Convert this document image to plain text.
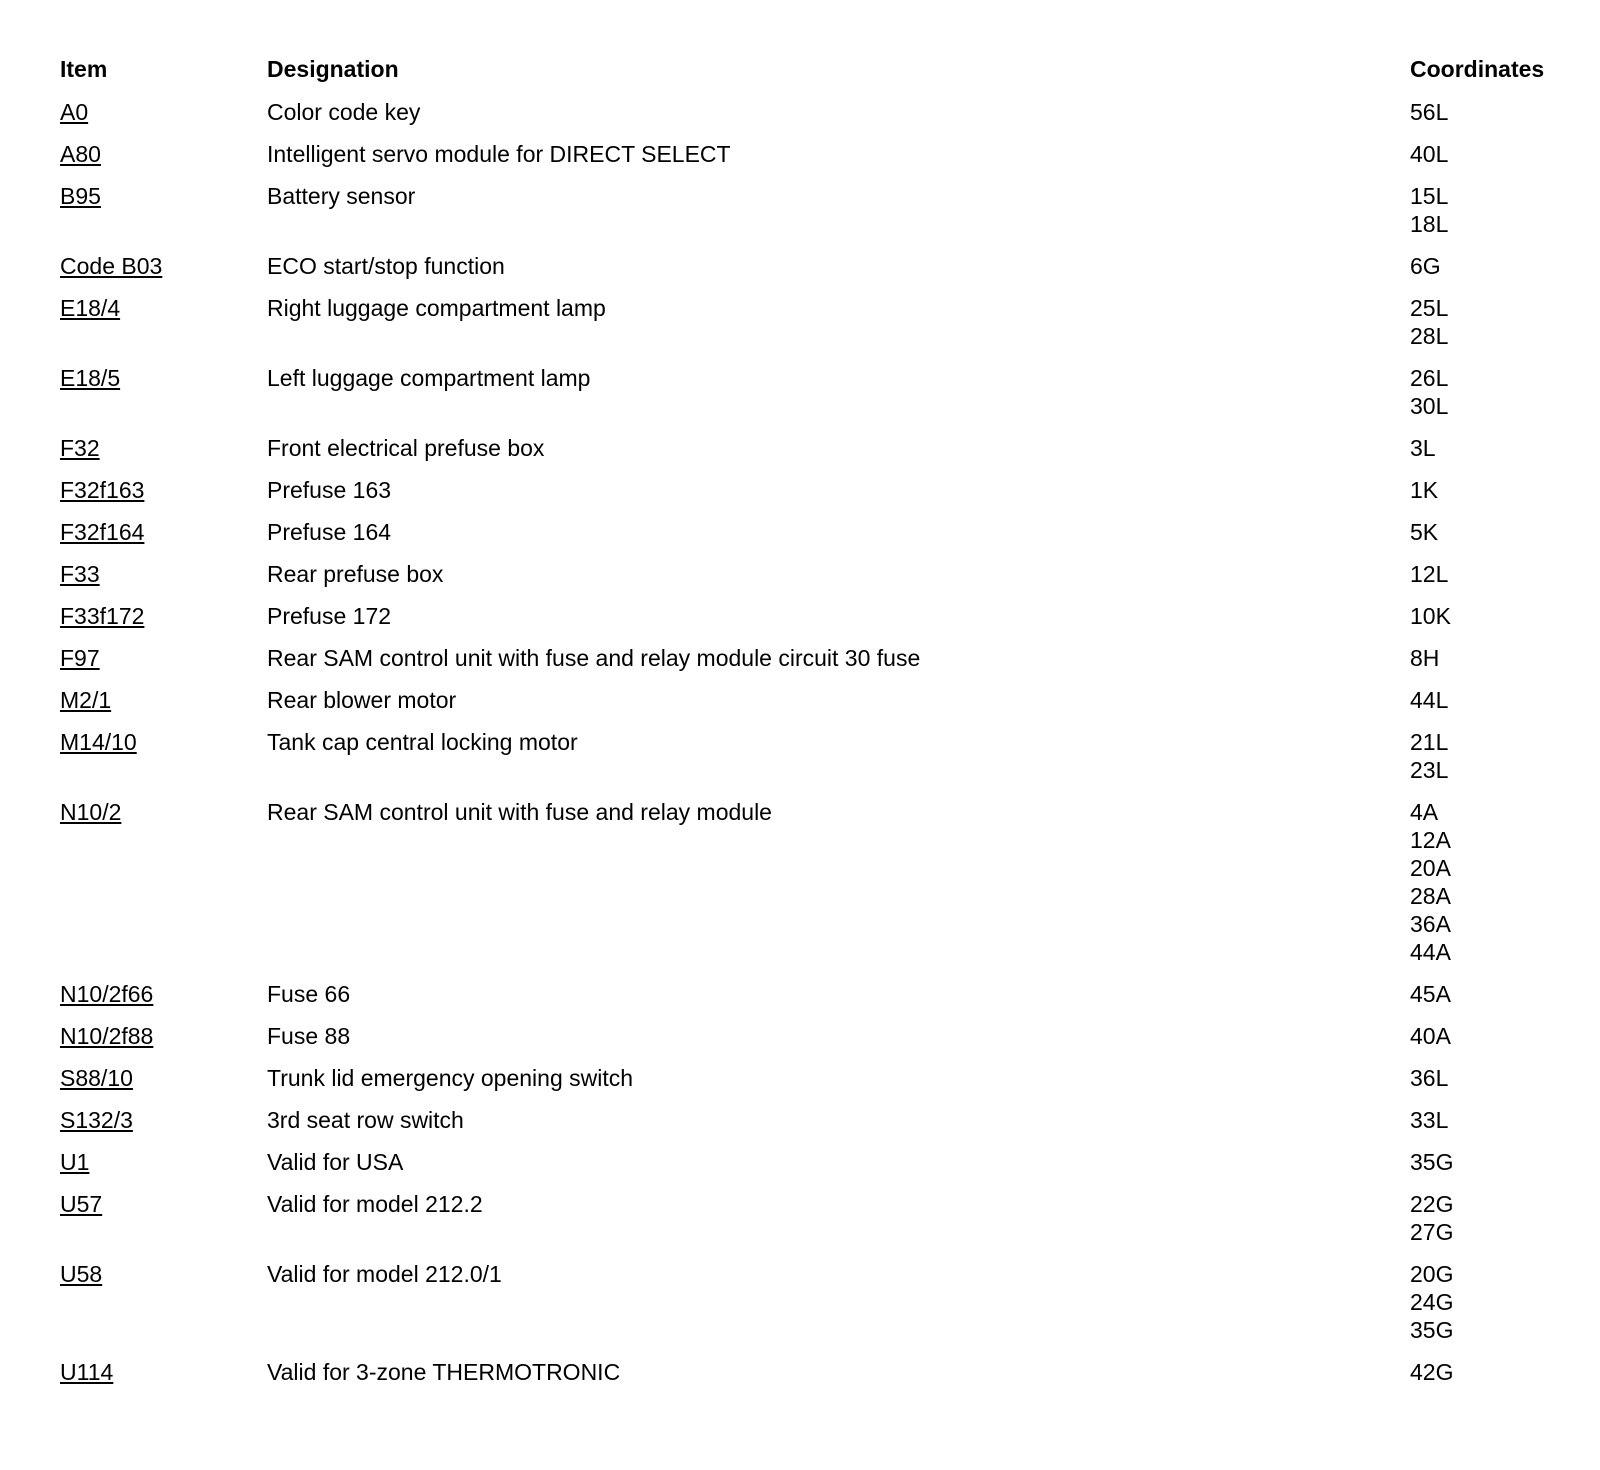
Item	Designation	Coordinates
A0	Color code key	56L
A80	Intelligent servo module for DIRECT SELECT	40L
B95	Battery sensor	15L
18L
Code B03	ECO start/stop function	6G
E18/4	Right luggage compartment lamp	25L
28L
E18/5	Left luggage compartment lamp	26L
30L
F32	Front electrical prefuse box	3L
F32f163	Prefuse 163	1K
F32f164	Prefuse 164	5K
F33	Rear prefuse box	12L
F33f172	Prefuse 172	10K
F97	Rear SAM control unit with fuse and relay module circuit 30 fuse	8H
M2/1	Rear blower motor	44L
M14/10	Tank cap central locking motor	21L
23L
N10/2	Rear SAM control unit with fuse and relay module	4A
12A
20A
28A
36A
44A
N10/2f66	Fuse 66	45A
N10/2f88	Fuse 88	40A
S88/10	Trunk lid emergency opening switch	36L
S132/3	3rd seat row switch	33L
U1	Valid for USA	35G
U57	Valid for model 212.2	22G
27G
U58	Valid for model 212.0/1	20G
24G
35G
U114	Valid for 3-zone THERMOTRONIC	42G
